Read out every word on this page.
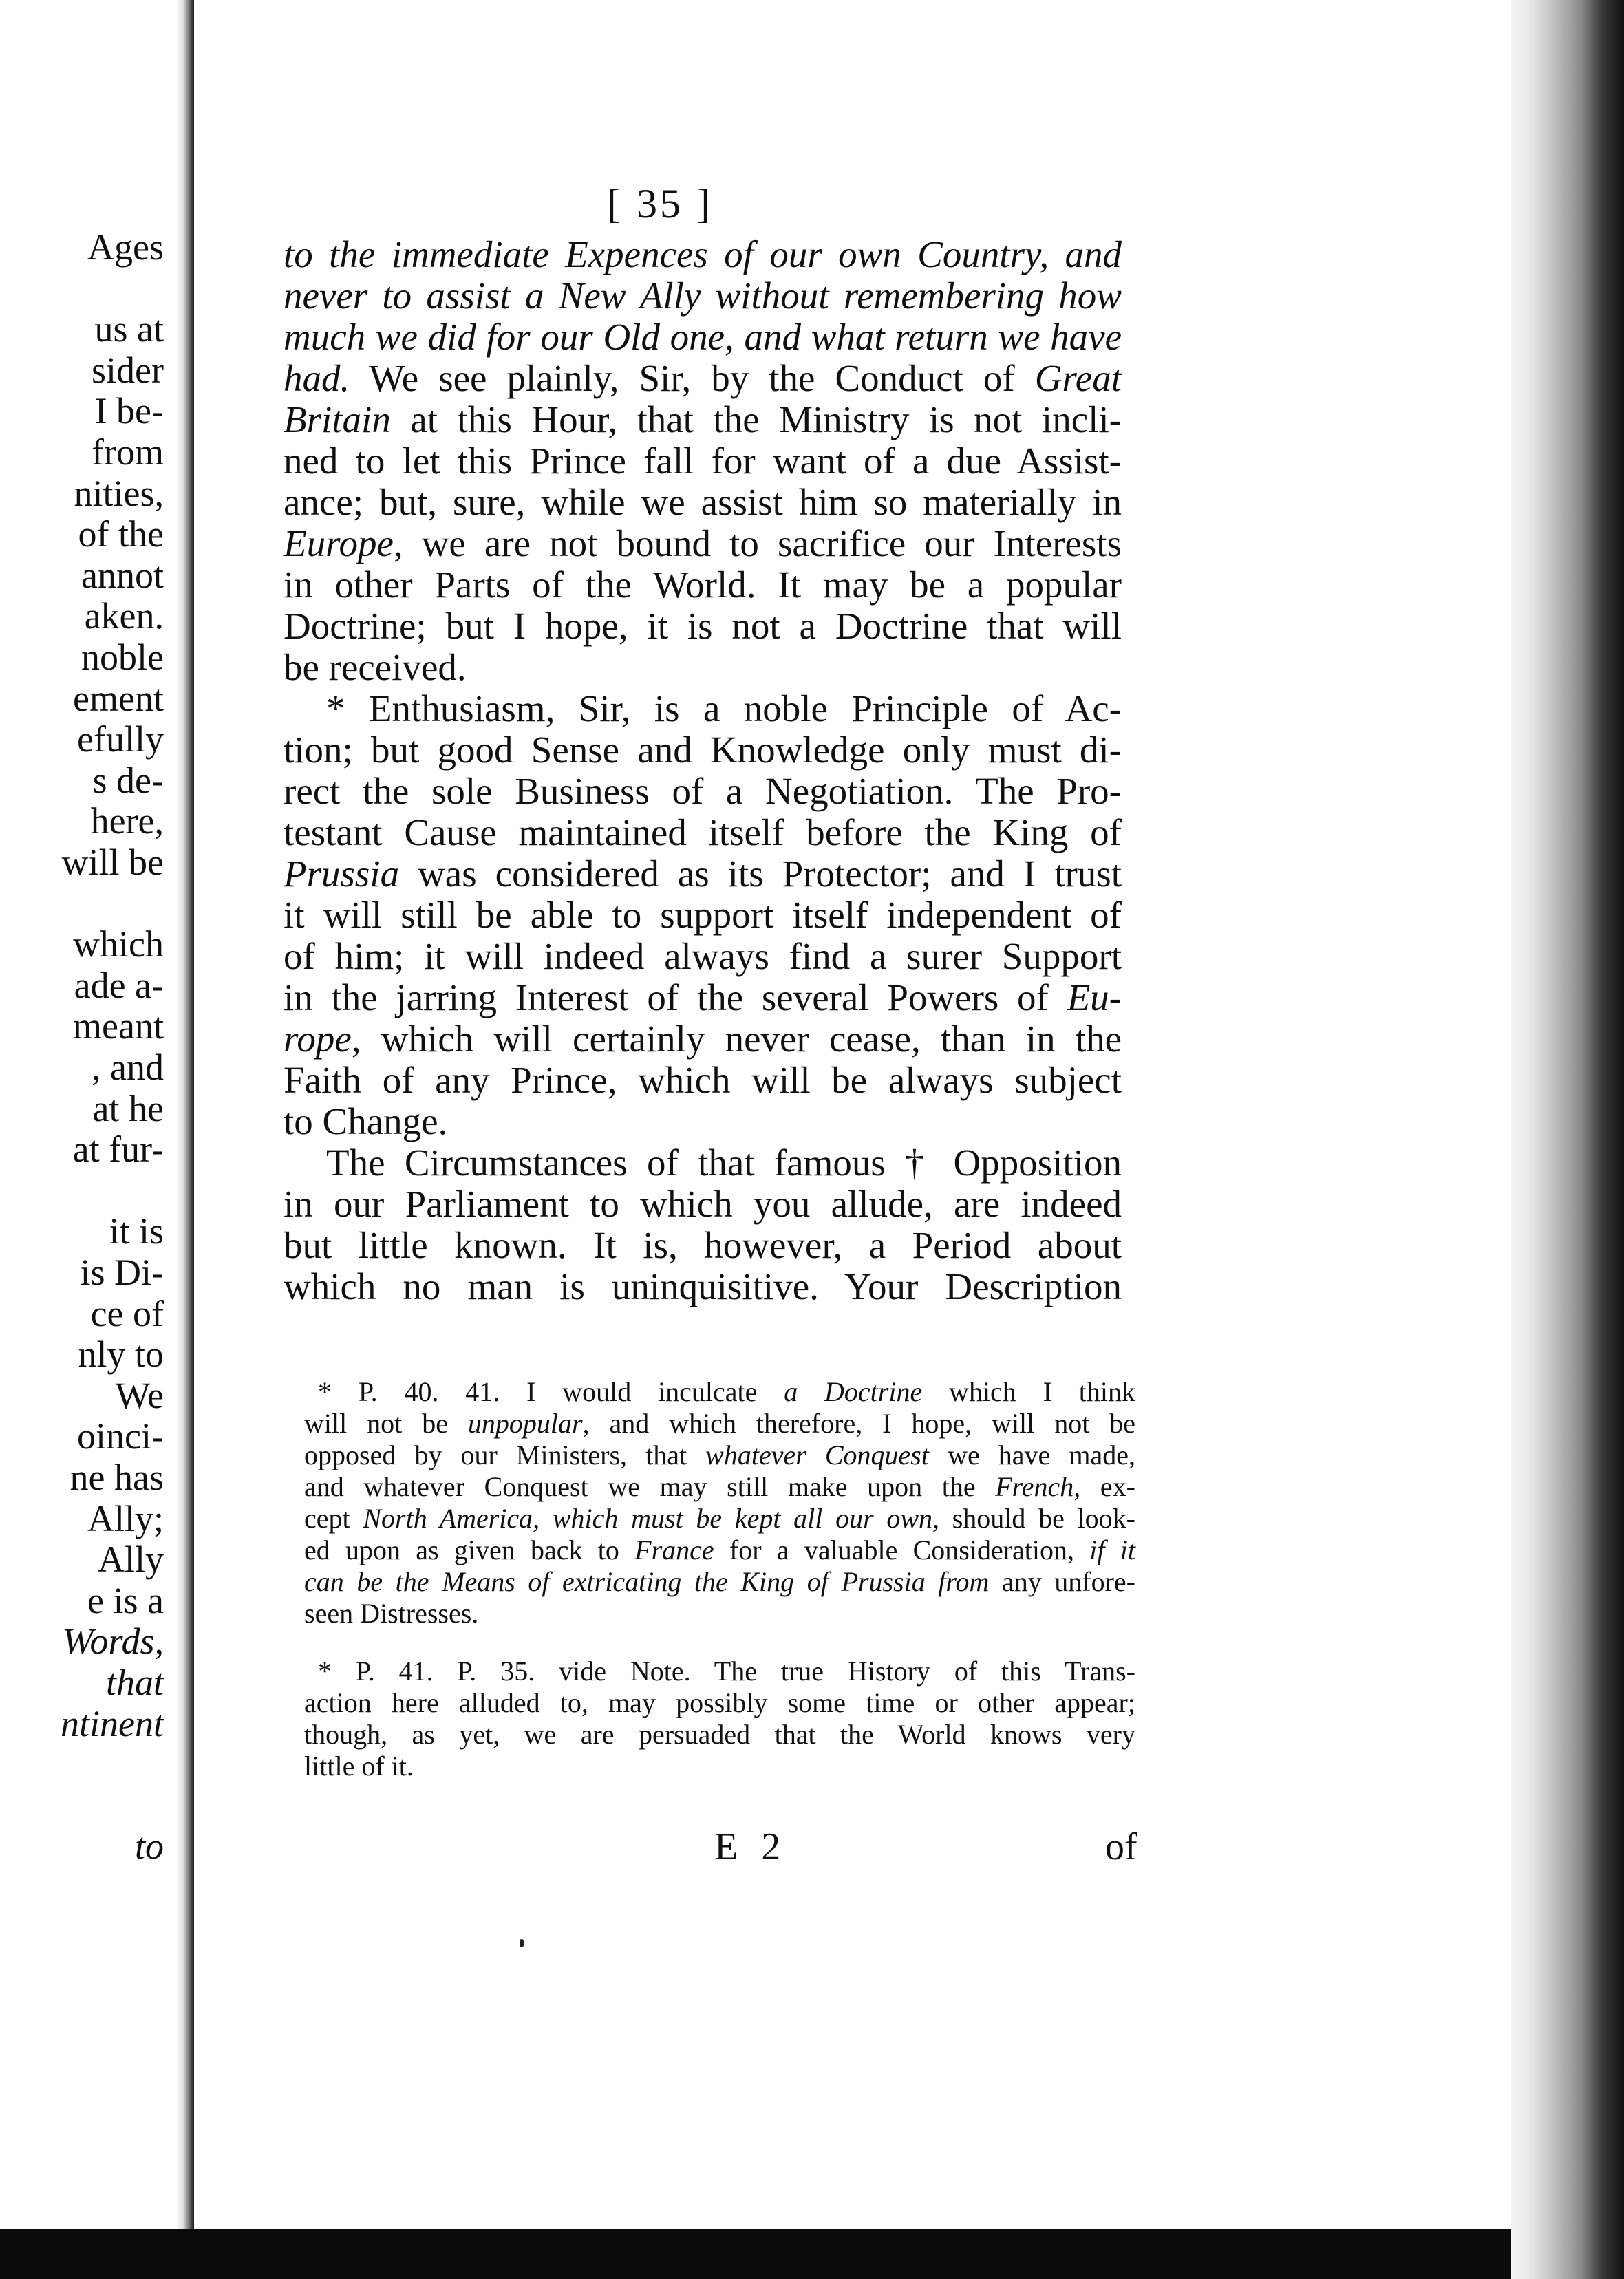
Ages
us at
sider
I be-
from
nities,
of the
annot
aken.
noble
ement
efully
s de-
here,
will be
which
ade a-
meant
, and
at he
at fur-
it is
is Di-
ce of
nly to
We
oinci-
ne has
Ally;
Ally
e is a
Words,
that
ntinent
to
[ 35 ]
to the immediate Expences of our own Country, and
never to assist a New Ally without remembering how
much we did for our Old one, and what return we have
had. We see plainly, Sir, by the Conduct of Great
Britain at this Hour, that the Ministry is not incli-
ned to let this Prince fall for want of a due Assist-
ance; but, sure, while we assist him so materially in
Europe, we are not bound to sacrifice our Interests
in other Parts of the World. It may be a popular
Doctrine; but I hope, it is not a Doctrine that will
be received.
* Enthusiasm, Sir, is a noble Principle of Ac-
tion; but good Sense and Knowledge only must di-
rect the sole Business of a Negotiation. The Pro-
testant Cause maintained itself before the King of
Prussia was considered as its Protector; and I trust
it will still be able to support itself independent of
of him; it will indeed always find a surer Support
in the jarring Interest of the several Powers of Eu-
rope, which will certainly never cease, than in the
Faith of any Prince, which will be always subject
to Change.
The Circumstances of that famous † Opposition
in our Parliament to which you allude, are indeed
but little known. It is, however, a Period about
which no man is uninquisitive. Your Description
* P. 40. 41. I would inculcate a Doctrine which I think
will not be unpopular, and which therefore, I hope, will not be
opposed by our Ministers, that whatever Conquest we have made,
and whatever Conquest we may still make upon the French, ex-
cept North America, which must be kept all our own, should be look-
ed upon as given back to France for a valuable Consideration, if it
can be the Means of extricating the King of Prussia from any unfore-
seen Distresses.
* P. 41. P. 35. vide Note. The true History of this Trans-
action here alluded to, may possibly some time or other appear;
though, as yet, we are persuaded that the World knows very
little of it.
E 2	of
